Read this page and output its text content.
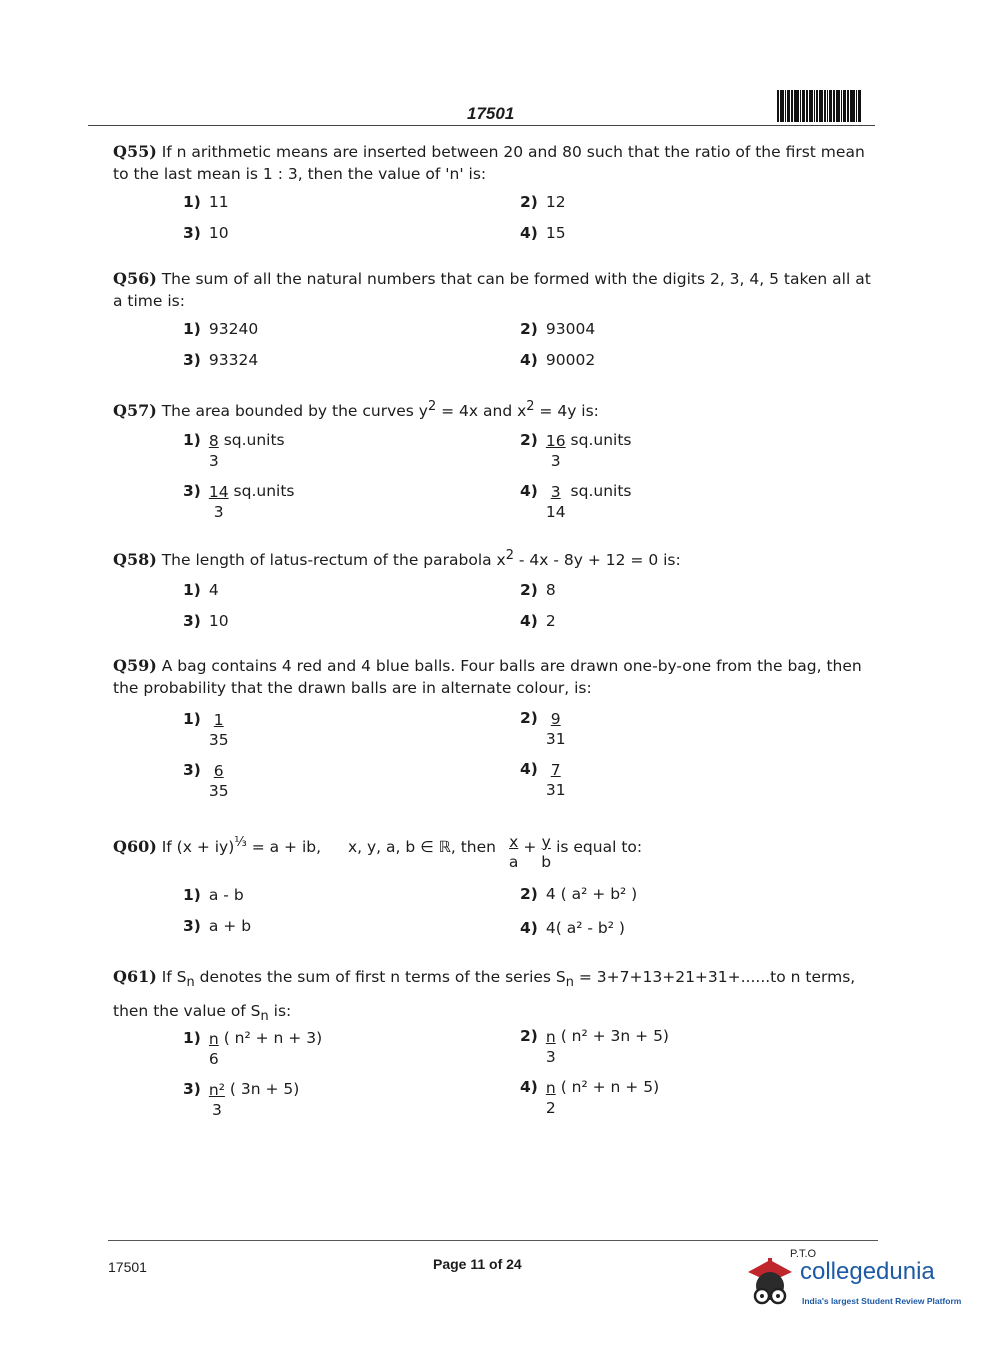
17501
Q55) If n arithmetic means are inserted between 20 and 80 such that the ratio of the first mean to the last mean is 1 : 3, then the value of 'n' is:
1) 11	2) 12
3) 10	4) 15
Q56) The sum of all the natural numbers that can be formed with the digits 2, 3, 4, 5 taken all at a time is:
1) 93240	2) 93004
3) 93324	4) 90002
Q57) The area bounded by the curves $y^2 = 4x$ and $x^2 = 4y$ is:
$1) \frac{8}{3}$ sq.units	$2) \frac{16}{3}$ sq.units
$3) \frac{14}{3}$ sq.units	$4) \frac{3}{14}$ sq.units
Q58) The length of latus-rectum of the parabola $x^2 - 4x - 8y + 12 = 0$ is:
1) 4	2) 8
3) 10	4) 2
Q59) A bag contains 4 red and 4 blue balls. Four balls are drawn one-by-one from the bag, then the probability that the drawn balls are in alternate colour, is:
$1) \frac{1}{35}$	$2) \frac{9}{31}$
$3) \frac{6}{35}$	$4) \frac{7}{31}$
Q60) If (x + iy)$^{\frac{1}{3}}$ = a + ib, x, y, a, b ∈ ℝ, then $\frac{x}{a} + \frac{y}{b}$ is equal to:
1) a - b	2) 4 ( a² + b² )
3) a + b	4) 4( a² - b² )
Q61) If $S_n$ denotes the sum of first n terms of the series $S_n = 3+7+13+21+31+......to$ n terms, then the value of $S_n$ is:
$1) \frac{n}{6}$ ( n² + n + 3)	$2) \frac{n}{3}$ ( n² + 3n + 5)
$3) \frac{\text{n²}}{3}$ ( 3n + 5)	$4) \frac{n}{2}$ ( n² + n + 5)
17501	Page 11 of 24
P.T.O
collegedunia
India's largest Student Review Platform
